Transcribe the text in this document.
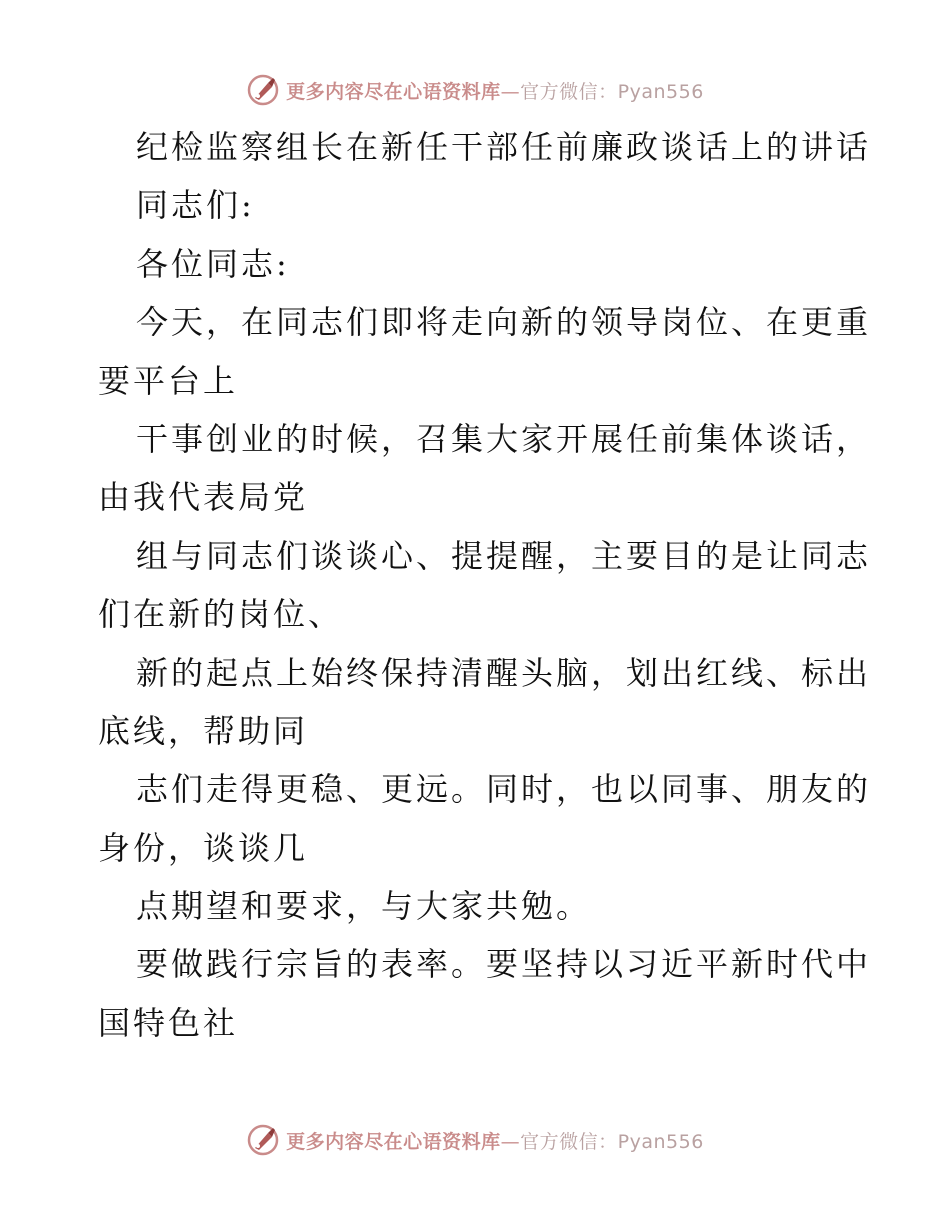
更多内容尽在心语资料库—官方微信：Pyan556
纪检监察组长在新任干部任前廉政谈话上的讲话
同志们:
各位同志:
今天，在同志们即将走向新的领导岗位、在更重
要平台上
干事创业的时候，召集大家开展任前集体谈话，
由我代表局党
组与同志们谈谈心、提提醒，主要目的是让同志
们在新的岗位、
新的起点上始终保持清醒头脑，划出红线、标出
底线，帮助同
志们走得更稳、更远。同时，也以同事、朋友的
身份，谈谈几
点期望和要求，与大家共勉。
要做践行宗旨的表率。要坚持以习近平新时代中
国特色社
更多内容尽在心语资料库—官方微信：Pyan556
